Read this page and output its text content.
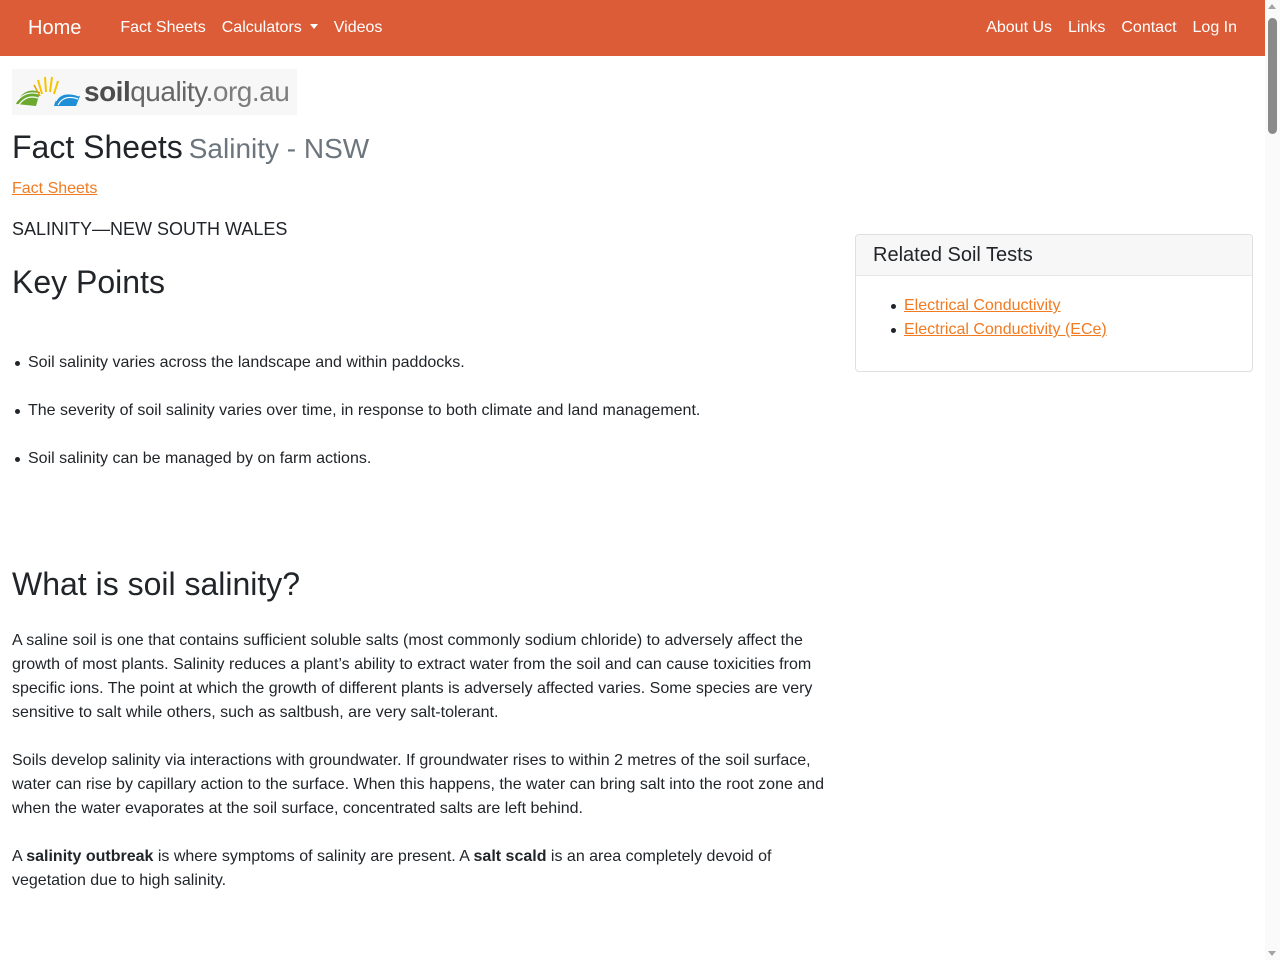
Home	Fact Sheets	Calculators	Videos	About Us	Links	Contact	Log In
soilquality.org.au
Fact Sheets Salinity - NSW
Fact Sheets
SALINITY—NEW SOUTH WALES
Key Points
Soil salinity varies across the landscape and within paddocks.
The severity of soil salinity varies over time, in response to both climate and land management.
Soil salinity can be managed by on farm actions.
What is soil salinity?

A saline soil is one that contains sufficient soluble salts (most commonly sodium chloride) to adversely affect the growth of most plants. Salinity reduces a plant’s ability to extract water from the soil and can cause toxicities from specific ions. The point at which the growth of different plants is adversely affected varies. Some species are very sensitive to salt while others, such as saltbush, are very salt-tolerant.

Soils develop salinity via interactions with groundwater. If groundwater rises to within 2 metres of the soil surface, water can rise by capillary action to the surface. When this happens, the water can bring salt into the root zone and when the water evaporates at the soil surface, concentrated salts are left behind.

A salinity outbreak is where symptoms of salinity are present. A salt scald is an area completely devoid of vegetation due to high salinity.

Related Soil Tests
Electrical Conductivity
Electrical Conductivity (ECe)
